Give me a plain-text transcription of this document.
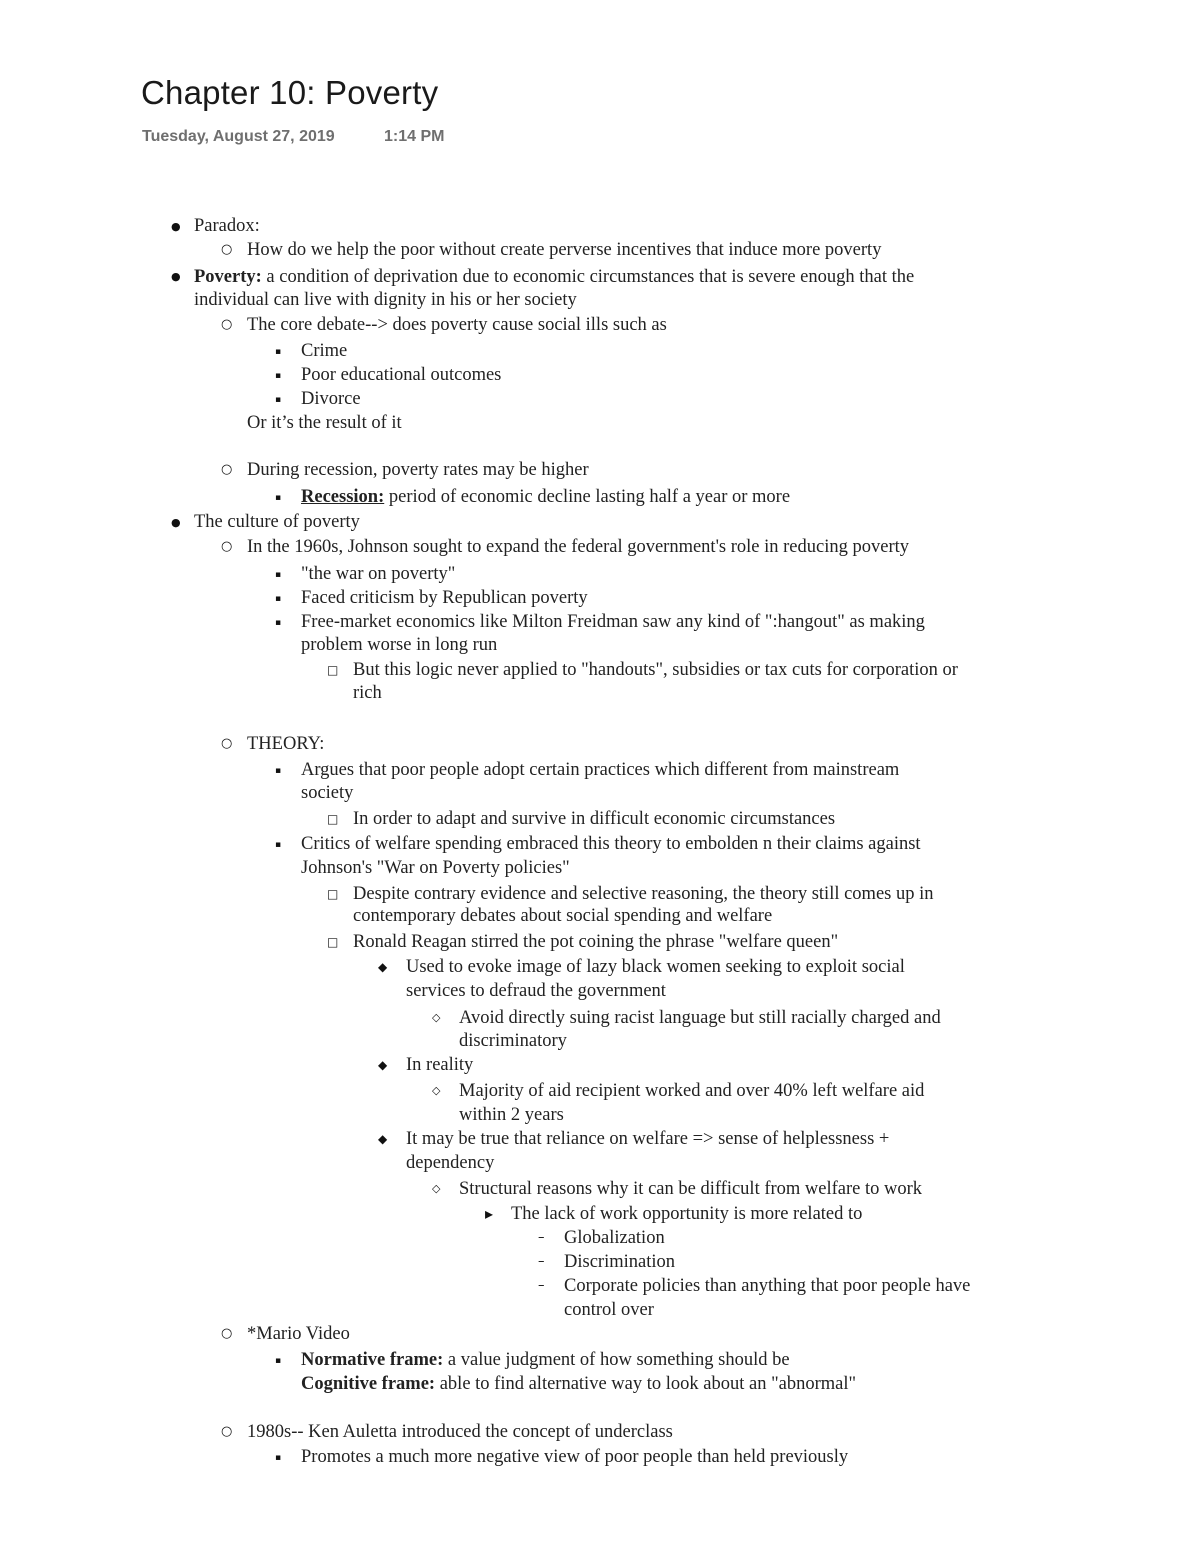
Chapter 10: Poverty
Tuesday, August 27, 2019	1:14 PM
● Paradox:
○ How do we help the poor without create perverse incentives that induce more poverty
● Poverty: a condition of deprivation due to economic circumstances that is severe enough that the
individual can live with dignity in his or her society
○ The core debate--> does poverty cause social ills such as
▪ Crime
▪ Poor educational outcomes
▪ Divorce
Or it’s the result of it
○ During recession, poverty rates may be higher
▪ Recession: period of economic decline lasting half a year or more
● The culture of poverty
○ In the 1960s, Johnson sought to expand the federal government's role in reducing poverty
▪ "the war on poverty"
▪ Faced criticism by Republican poverty
▪ Free-market economics like Milton Freidman saw any kind of ":hangout" as making
problem worse in long run
□ But this logic never applied to "handouts", subsidies or tax cuts for corporation or
rich
○ THEORY:
▪ Argues that poor people adopt certain practices which different from mainstream
society
□ In order to adapt and survive in difficult economic circumstances
▪ Critics of welfare spending embraced this theory to embolden n their claims against
Johnson's "War on Poverty policies"
□ Despite contrary evidence and selective reasoning, the theory still comes up in
contemporary debates about social spending and welfare
□ Ronald Reagan stirred the pot coining the phrase "welfare queen"
◆ Used to evoke image of lazy black women seeking to exploit social
services to defraud the government
◇ Avoid directly suing racist language but still racially charged and
discriminatory
◆ In reality
◇ Majority of aid recipient worked and over 40% left welfare aid
within 2 years
◆ It may be true that reliance on welfare => sense of helplessness +
dependency
◇ Structural reasons why it can be difficult from welfare to work
▸ The lack of work opportunity is more related to
– Globalization
– Discrimination
– Corporate policies than anything that poor people have
control over
○ *Mario Video
▪ Normative frame: a value judgment of how something should be
Cognitive frame: able to find alternative way to look about an "abnormal"
○ 1980s-- Ken Auletta introduced the concept of underclass
▪ Promotes a much more negative view of poor people than held previously
